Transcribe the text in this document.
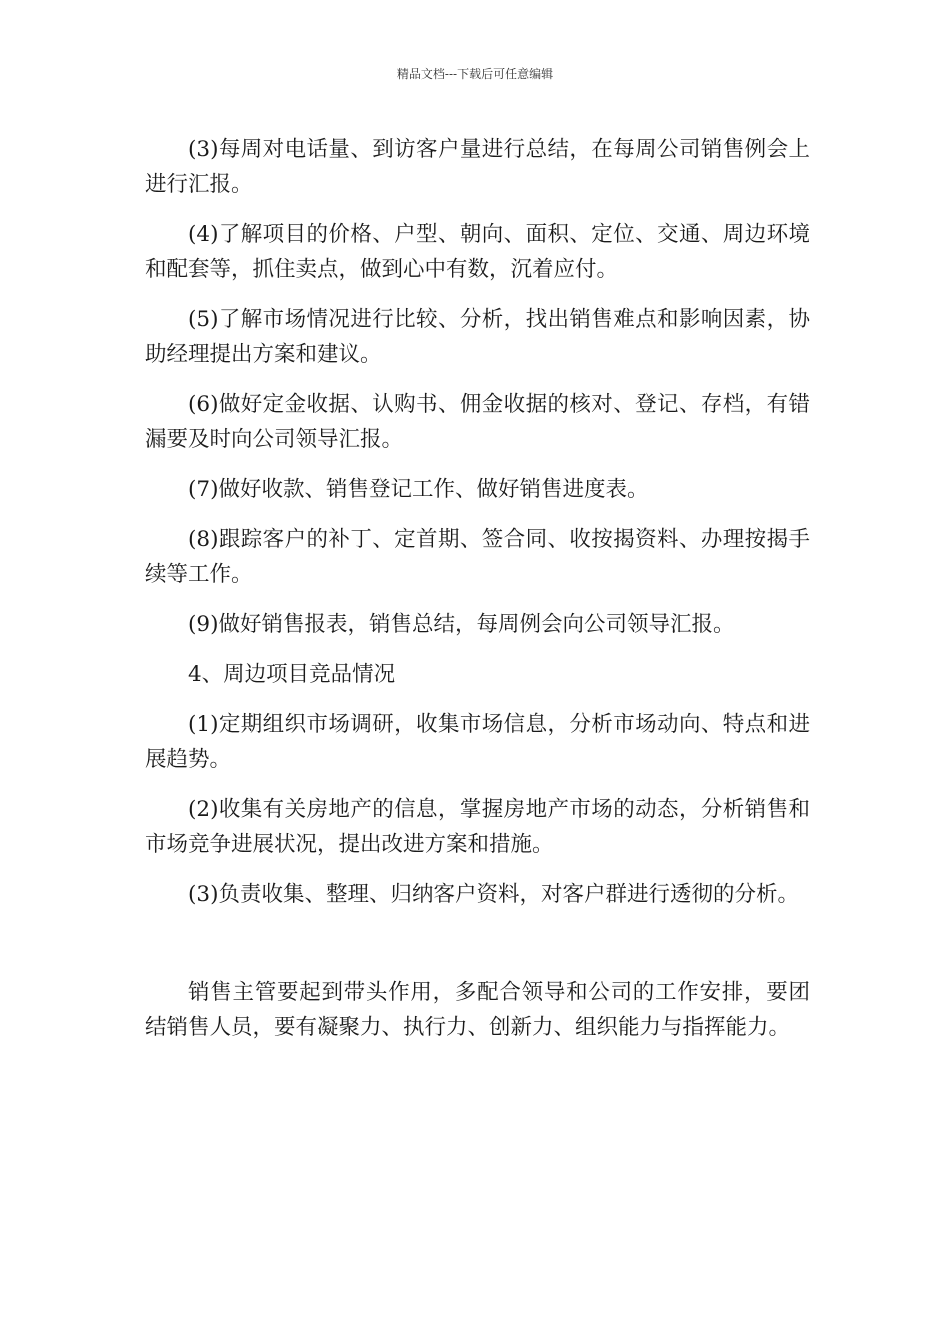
精品文档---下载后可任意编辑

(3)每周对电话量、到访客户量进行总结，在每周公司销售例会上进行汇报。

(4)了解项目的价格、户型、朝向、面积、定位、交通、周边环境和配套等，抓住卖点，做到心中有数，沉着应付。

(5)了解市场情况进行比较、分析，找出销售难点和影响因素，协助经理提出方案和建议。

(6)做好定金收据、认购书、佣金收据的核对、登记、存档，有错漏要及时向公司领导汇报。

(7)做好收款、销售登记工作、做好销售进度表。

(8)跟踪客户的补丁、定首期、签合同、收按揭资料、办理按揭手续等工作。

(9)做好销售报表，销售总结，每周例会向公司领导汇报。

4、周边项目竞品情况

(1)定期组织市场调研，收集市场信息，分析市场动向、特点和进展趋势。

(2)收集有关房地产的信息，掌握房地产市场的动态，分析销售和市场竞争进展状况，提出改进方案和措施。

(3)负责收集、整理、归纳客户资料，对客户群进行透彻的分析。

销售主管要起到带头作用，多配合领导和公司的工作安排，要团结销售人员，要有凝聚力、执行力、创新力、组织能力与指挥能力。
